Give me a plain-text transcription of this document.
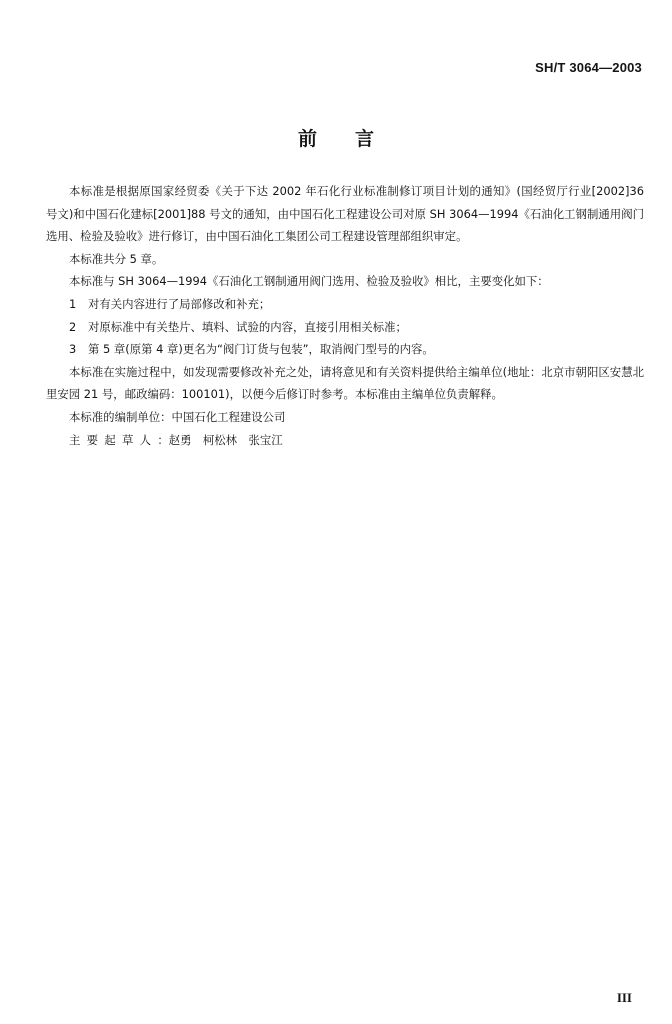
SH/T 3064—2003
前　　言

本标准是根据原国家经贸委《关于下达 2002 年石化行业标准制修订项目计划的通知》(国经贸厅行业[2002]36 号文)和中国石化建标[2001]88 号文的通知，由中国石化工程建设公司对原 SH 3064—1994《石油化工钢制通用阀门选用、检验及验收》进行修订，由中国石油化工集团公司工程建设管理部组织审定。

本标准共分 5 章。

本标准与 SH 3064—1994《石油化工钢制通用阀门选用、检验及验收》相比，主要变化如下：

1 对有关内容进行了局部修改和补充；
2 对原标准中有关垫片、填料、试验的内容，直接引用相关标准；
3 第 5 章(原第 4 章)更名为“阀门订货与包装”，取消阀门型号的内容。

本标准在实施过程中，如发现需要修改补充之处，请将意见和有关资料提供给主编单位(地址：北京市朝阳区安慧北里安园 21 号，邮政编码：100101)，以便今后修订时参考。本标准由主编单位负责解释。

本标准的编制单位：中国石化工程建设公司

主要起草人：赵勇　柯松林　张宝江

III
